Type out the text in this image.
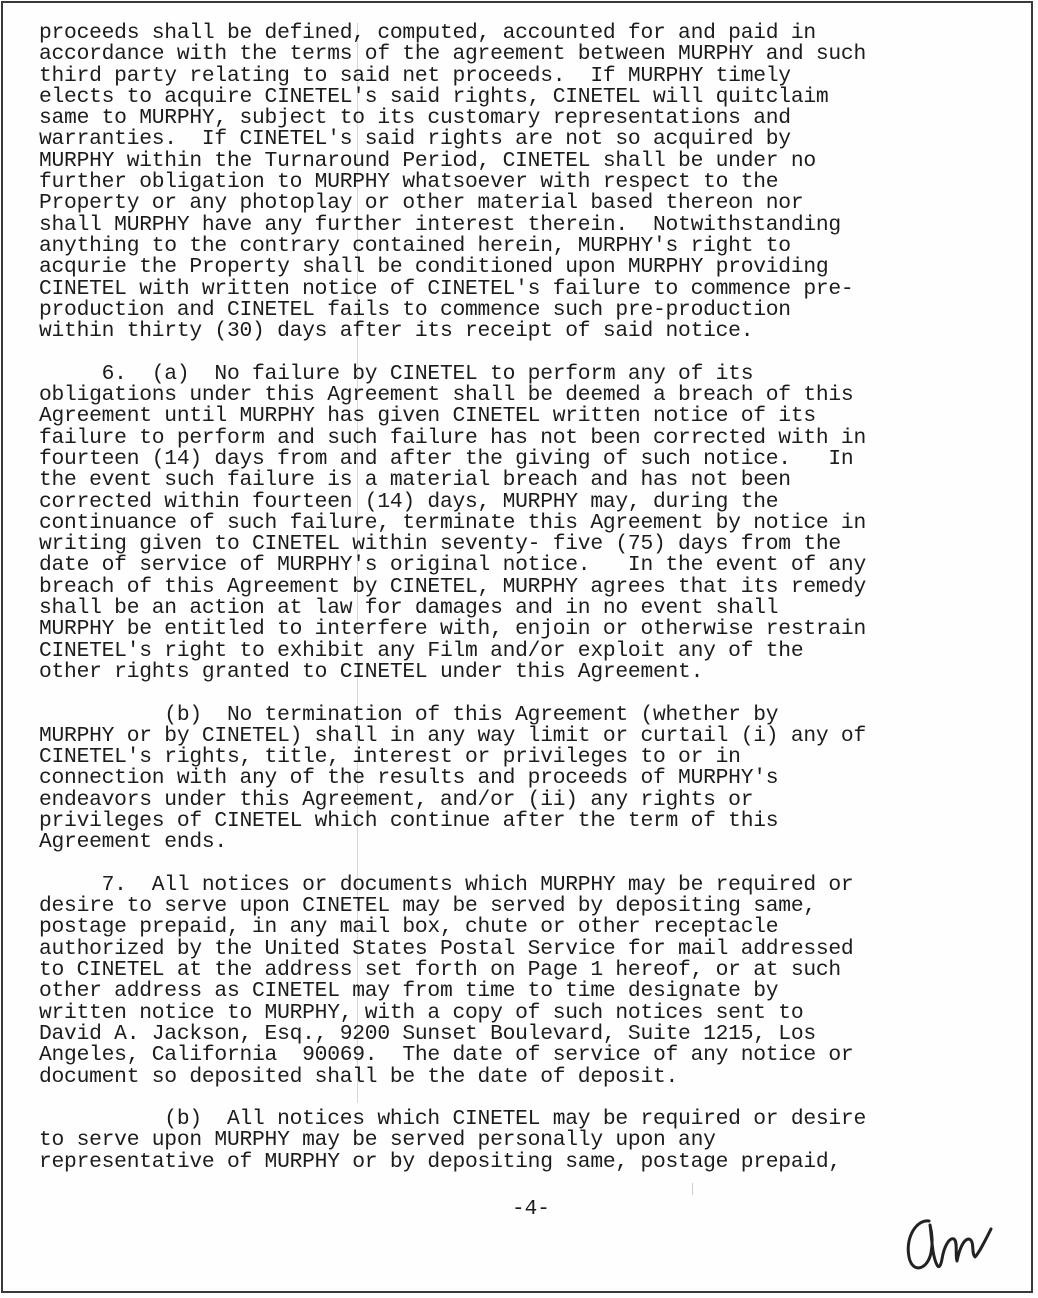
proceeds shall be defined, computed, accounted for and paid in
accordance with the terms of the agreement between MURPHY and such
third party relating to said net proceeds.  If MURPHY timely
elects to acquire CINETEL's said rights, CINETEL will quitclaim
same to MURPHY, subject to its customary representations and
warranties.  If CINETEL's said rights are not so acquired by
MURPHY within the Turnaround Period, CINETEL shall be under no
further obligation to MURPHY whatsoever with respect to the
Property or any photoplay or other material based thereon nor
shall MURPHY have any further interest therein.  Notwithstanding
anything to the contrary contained herein, MURPHY's right to
acqurie the Property shall be conditioned upon MURPHY providing
CINETEL with written notice of CINETEL's failure to commence pre-
production and CINETEL fails to commence such pre-production
within thirty (30) days after its receipt of said notice.
6.  (a)  No failure by CINETEL to perform any of its
obligations under this Agreement shall be deemed a breach of this
Agreement until MURPHY has given CINETEL written notice of its
failure to perform and such failure has not been corrected with in
fourteen (14) days from and after the giving of such notice.   In
the event such failure is a material breach and has not been
corrected within fourteen (14) days, MURPHY may, during the
continuance of such failure, terminate this Agreement by notice in
writing given to CINETEL within seventy- five (75) days from the
date of service of MURPHY's original notice.   In the event of any
breach of this Agreement by CINETEL, MURPHY agrees that its remedy
shall be an action at law for damages and in no event shall
MURPHY be entitled to interfere with, enjoin or otherwise restrain
CINETEL's right to exhibit any Film and/or exploit any of the
other rights granted to CINETEL under this Agreement.
(b)  No termination of this Agreement (whether by
MURPHY or by CINETEL) shall in any way limit or curtail (i) any of
CINETEL's rights, title, interest or privileges to or in
connection with any of the results and proceeds of MURPHY's
endeavors under this Agreement, and/or (ii) any rights or
privileges of CINETEL which continue after the term of this
Agreement ends.
7.  All notices or documents which MURPHY may be required or
desire to serve upon CINETEL may be served by depositing same,
postage prepaid, in any mail box, chute or other receptacle
authorized by the United States Postal Service for mail addressed
to CINETEL at the address set forth on Page 1 hereof, or at such
other address as CINETEL may from time to time designate by
written notice to MURPHY, with a copy of such notices sent to
David A. Jackson, Esq., 9200 Sunset Boulevard, Suite 1215, Los
Angeles, California  90069.  The date of service of any notice or
document so deposited shall be the date of deposit.
(b)  All notices which CINETEL may be required or desire
to serve upon MURPHY may be served personally upon any
representative of MURPHY or by depositing same, postage prepaid,
-4-
